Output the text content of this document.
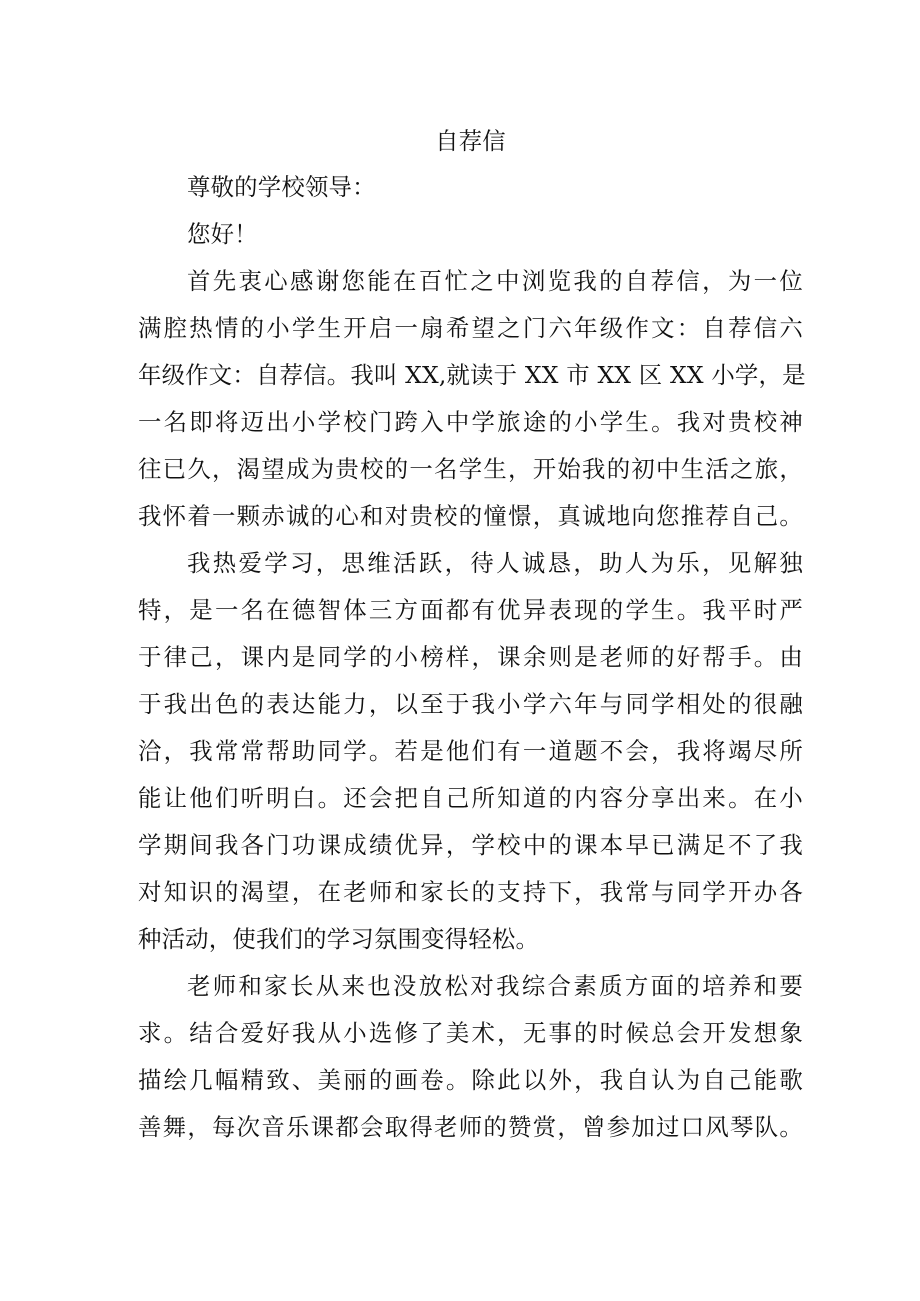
自荐信

尊敬的学校领导：

您好！

首先衷心感谢您能在百忙之中浏览我的自荐信，为一位

满腔热情的小学生开启一扇希望之门六年级作文：自荐信六

年级作文：自荐信。我叫 XX,就读于 XX 市 XX 区 XX 小学，是

一名即将迈出小学校门跨入中学旅途的小学生。我对贵校神

往已久，渴望成为贵校的一名学生，开始我的初中生活之旅，

我怀着一颗赤诚的心和对贵校的憧憬，真诚地向您推荐自己。

我热爱学习，思维活跃，待人诚恳，助人为乐，见解独

特，是一名在德智体三方面都有优异表现的学生。我平时严

于律己，课内是同学的小榜样，课余则是老师的好帮手。由

于我出色的表达能力，以至于我小学六年与同学相处的很融

洽，我常常帮助同学。若是他们有一道题不会，我将竭尽所

能让他们听明白。还会把自己所知道的内容分享出来。在小

学期间我各门功课成绩优异，学校中的课本早已满足不了我

对知识的渴望，在老师和家长的支持下，我常与同学开办各

种活动，使我们的学习氛围变得轻松。

老师和家长从来也没放松对我综合素质方面的培养和要

求。结合爱好我从小选修了美术，无事的时候总会开发想象

描绘几幅精致、美丽的画卷。除此以外，我自认为自己能歌

善舞，每次音乐课都会取得老师的赞赏，曾参加过口风琴队。
